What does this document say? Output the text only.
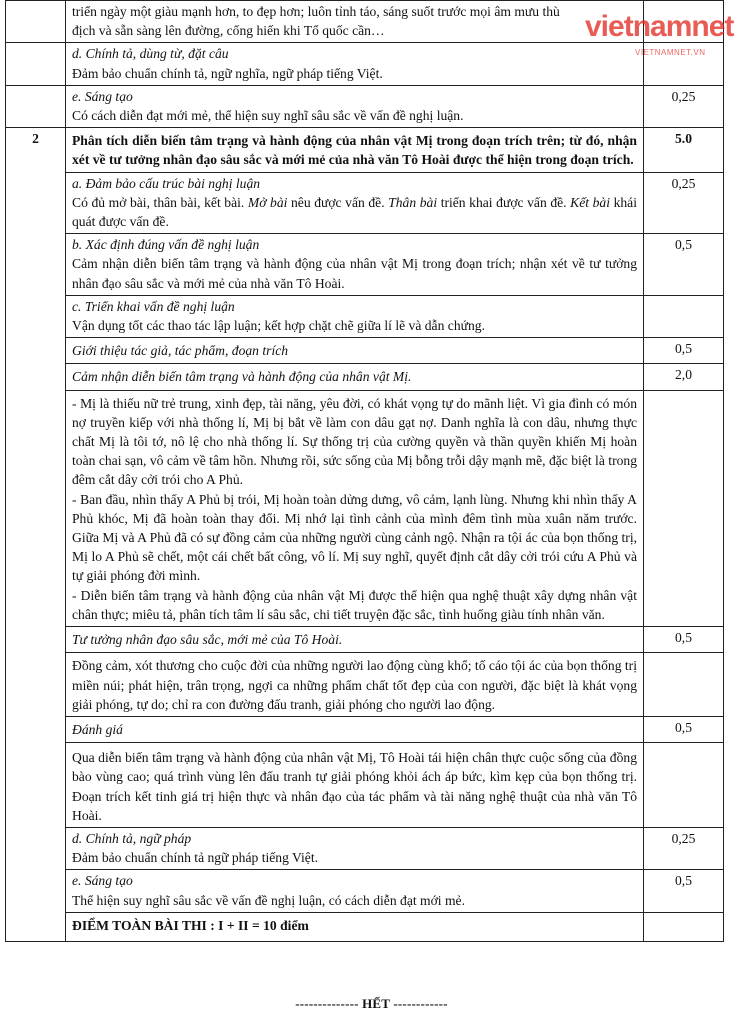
	triển ngày một giàu mạnh hơn, to đẹp hơn; luôn tỉnh táo, sáng suốt trước mọi âm mưu thù
địch và sẵn sàng lên đường, cống hiến khi Tổ quốc cần…	

	d. Chính tả, dùng từ, đặt câu
Đảm bảo chuẩn chính tả, ngữ nghĩa, ngữ pháp tiếng Việt.	

	e. Sáng tạo
Có cách diễn đạt mới mẻ, thể hiện suy nghĩ sâu sắc về vấn đề nghị luận.	0,25
2	Phân tích diễn biến tâm trạng và hành động của nhân vật Mị trong đoạn trích trên; từ đó, nhận xét về tư tưởng nhân đạo sâu sắc và mới mẻ của nhà văn Tô Hoài được thể hiện trong đoạn trích.	5.0

	a. Đảm bảo cấu trúc bài nghị luận
Có đủ mở bài, thân bài, kết bài. Mở bài nêu được vấn đề. Thân bài triển khai được vấn đề. Kết bài khái quát được vấn đề.	0,25

	b. Xác định đúng vấn đề nghị luận
Cảm nhận diễn biến tâm trạng và hành động của nhân vật Mị trong đoạn trích; nhận xét về tư tưởng nhân đạo sâu sắc và mới mẻ của nhà văn Tô Hoài.	0,5

	c. Triển khai vấn đề nghị luận
Vận dụng tốt các thao tác lập luận; kết hợp chặt chẽ giữa lí lẽ và dẫn chứng.	

	Giới thiệu tác giả, tác phẩm, đoạn trích	0,5
	Cảm nhận diễn biến tâm trạng và hành động của nhân vật Mị.	2,0

	- Mị là thiếu nữ trẻ trung, xinh đẹp, tài năng, yêu đời, có khát vọng tự do mãnh liệt. Vì gia đình có món nợ truyền kiếp với nhà thống lí, Mị bị bắt về làm con dâu gạt nợ. Danh nghĩa là con dâu, nhưng thực chất Mị là tôi tớ, nô lệ cho nhà thống lí. Sự thống trị của cường quyền và thần quyền khiến Mị hoàn toàn chai sạn, vô cảm về tâm hồn. Nhưng rồi, sức sống của Mị bỗng trỗi dậy mạnh mẽ, đặc biệt là trong đêm cắt dây cởi trói cho A Phủ.
- Ban đầu, nhìn thấy A Phủ bị trói, Mị hoàn toàn dửng dưng, vô cảm, lạnh lùng. Nhưng khi nhìn thấy A Phủ khóc, Mị đã hoàn toàn thay đổi. Mị nhớ lại tình cảnh của mình đêm tình mùa xuân năm trước. Giữa Mị và A Phủ đã có sự đồng cảm của những người cùng cảnh ngộ. Nhận ra tội ác của bọn thống trị, Mị lo A Phủ sẽ chết, một cái chết bất công, vô lí. Mị suy nghĩ, quyết định cắt dây cởi trói cứu A Phủ và tự giải phóng đời mình.
- Diễn biến tâm trạng và hành động của nhân vật Mị được thể hiện qua nghệ thuật xây dựng nhân vật chân thực; miêu tả, phân tích tâm lí sâu sắc, chi tiết truyện đặc sắc, tình huống giàu tính nhân văn.	

	Tư tưởng nhân đạo sâu sắc, mới mẻ của Tô Hoài.	0,5
	Đồng cảm, xót thương cho cuộc đời của những người lao động cùng khổ; tố cáo tội ác của bọn thống trị miền núi; phát hiện, trân trọng, ngợi ca những phẩm chất tốt đẹp của con người, đặc biệt là khát vọng giải phóng, tự do; chỉ ra con đường đấu tranh, giải phóng cho người lao động.	
	Đánh giá	0,5
	Qua diễn biến tâm trạng và hành động của nhân vật Mị, Tô Hoài tái hiện chân thực cuộc sống của đồng bào vùng cao; quá trình vùng lên đấu tranh tự giải phóng khỏi ách áp bức, kìm kẹp của bọn thống trị. Đoạn trích kết tinh giá trị hiện thực và nhân đạo của tác phẩm và tài năng nghệ thuật của nhà văn Tô Hoài.	

	d. Chính tả, ngữ pháp
Đảm bảo chuẩn chính tả ngữ pháp tiếng Việt.	0,25

	e. Sáng tạo
Thể hiện suy nghĩ sâu sắc về vấn đề nghị luận, có cách diễn đạt mới mẻ.	0,5
	ĐIỂM TOÀN BÀI THI : I + II = 10 điểm	
vietnamnet
VIETNAMNET.VN
-------------- HẾT ------------
